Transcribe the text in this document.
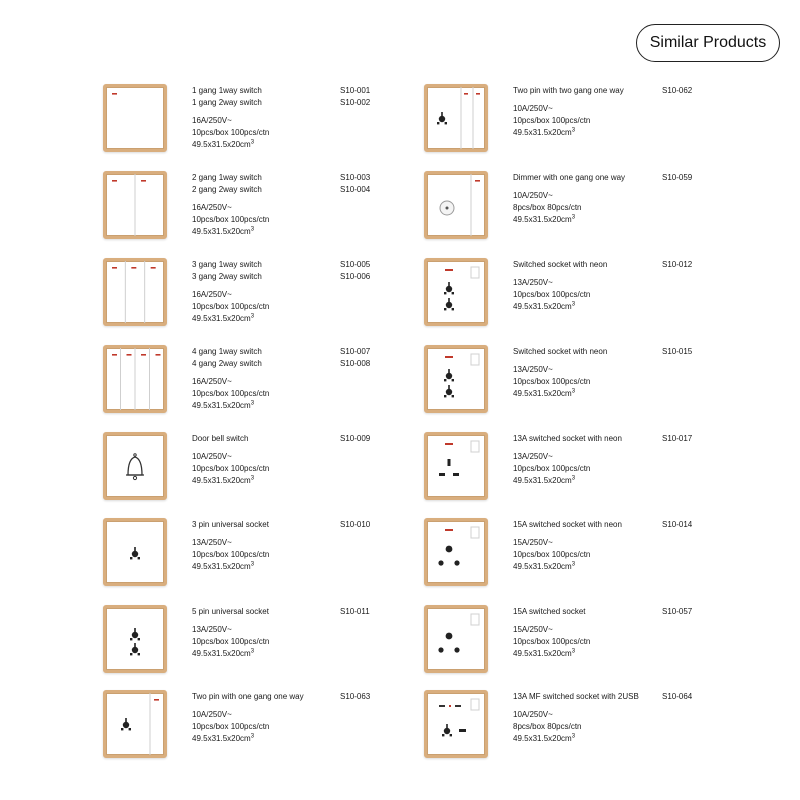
Similar Products
1 gang 1way switch
1 gang 2way switch
16A/250V~
10pcs/box 100pcs/ctn
$49.5x31.5x20cm^3$
S10-001
S10-002
2 gang 1way switch
2 gang 2way switch
16A/250V~
10pcs/box 100pcs/ctn
$49.5x31.5x20cm^3$
S10-003
S10-004
3 gang 1way switch
3 gang 2way switch
16A/250V~
10pcs/box 100pcs/ctn
$49.5x31.5x20cm^3$
S10-005
S10-006
4 gang 1way switch
4 gang 2way switch
16A/250V~
10pcs/box 100pcs/ctn
$49.5x31.5x20cm^3$
S10-007
S10-008
Door bell switch
10A/250V~
10pcs/box 100pcs/ctn
$49.5x31.5x20cm^3$
S10-009
3 pin universal socket
13A/250V~
10pcs/box 100pcs/ctn
$49.5x31.5x20cm^3$
S10-010
5 pin universal socket
13A/250V~
10pcs/box 100pcs/ctn
$49.5x31.5x20cm^3$
S10-011
Two pin with one gang one way
10A/250V~
10pcs/box 100pcs/ctn
$49.5x31.5x20cm^3$
S10-063
Two pin with two gang one way
10A/250V~
10pcs/box 100pcs/ctn
$49.5x31.5x20cm^3$
S10-062
Dimmer with one gang one way
10A/250V~
8pcs/box 80pcs/ctn
$49.5x31.5x20cm^3$
S10-059
Switched socket with neon
13A/250V~
10pcs/box 100pcs/ctn
$49.5x31.5x20cm^3$
S10-012
Switched socket with neon
13A/250V~
10pcs/box 100pcs/ctn
$49.5x31.5x20cm^3$
S10-015
13A switched socket with neon
13A/250V~
10pcs/box 100pcs/ctn
$49.5x31.5x20cm^3$
S10-017
15A switched socket with neon
15A/250V~
10pcs/box 100pcs/ctn
$49.5x31.5x20cm^3$
S10-014
15A switched socket
15A/250V~
10pcs/box 100pcs/ctn
$49.5x31.5x20cm^3$
S10-057
13A MF switched socket with 2USB
10A/250V~
8pcs/box 80pcs/ctn
$49.5x31.5x20cm^3$
S10-064
